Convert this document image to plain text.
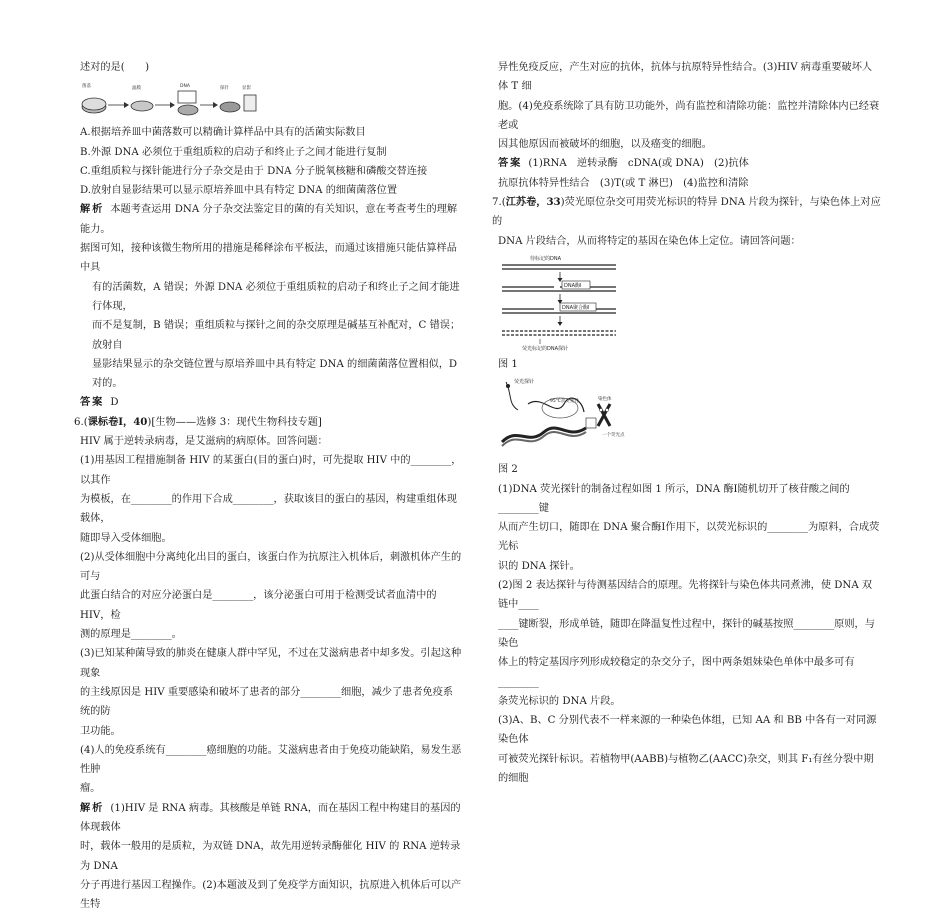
述对的是(　　)

菌落	滤膜	DNA	探针	显影

A.根据培养皿中菌落数可以精确计算样品中具有的活菌实际数目

B.外源 DNA 必须位于重组质粒的启动子和终止子之间才能进行复制

C.重组质粒与探针能进行分子杂交是由于 DNA 分子脱氧核糖和磷酸交替连接

D.放射自显影结果可以显示原培养皿中具有特定 DNA 的细菌菌落位置

解析 本题考查运用 DNA 分子杂交法鉴定目的菌的有关知识，意在考查考生的理解能力。

据图可知，接种该微生物所用的措施是稀释涂布平板法，而通过该措施只能估算样品中具

有的活菌数，A 错误；外源 DNA 必须位于重组质粒的启动子和终止子之间才能进行体现，

而不是复制，B 错误；重组质粒与探针之间的杂交原理是碱基互补配对，C 错误；放射自

显影结果显示的杂交链位置与原培养皿中具有特定 DNA 的细菌菌落位置相似，D 对的。

答案 D

6.(课标卷Ⅰ，40)[生物——选修 3：现代生物科技专题]

HIV 属于逆转录病毒，是艾滋病的病原体。回答问题：

(1)用基因工程措施制备 HIV 的某蛋白(目的蛋白)时，可先提取 HIV 中的________，以其作

为模板，在________的作用下合成________，获取该目的蛋白的基因，构建重组体现载体，

随即导入受体细胞。

(2)从受体细胞中分离纯化出目的蛋白，该蛋白作为抗原注入机体后，刺激机体产生的可与

此蛋白结合的对应分泌蛋白是________，该分泌蛋白可用于检测受试者血清中的 HIV，检

测的原理是________。

(3)已知某种菌导致的肺炎在健康人群中罕见，不过在艾滋病患者中却多发。引起这种现象

的主线原因是 HIV 重要感染和破坏了患者的部分________细胞，减少了患者免疫系统的防

卫功能。

(4)人的免疫系统有________癌细胞的功能。艾滋病患者由于免疫功能缺陷，易发生恶性肿

瘤。

解析 (1)HIV 是 RNA 病毒。其核酸是单链 RNA，而在基因工程中构建目的基因的体现载体

时，载体一般用的是质粒，为双链 DNA，故先用逆转录酶催化 HIV 的 RNA 逆转录为 DNA

分子再进行基因工程操作。(2)本题波及到了免疫学方面知识，抗原进入机体后可以产生特

异性免疫反应，产生对应的抗体，抗体与抗原特异性结合。(3)HIV 病毒重要破坏人体 T 细

胞。(4)免疫系统除了具有防卫功能外，尚有监控和清除功能：监控并清除体内已经衰老或

因其他原因而被破坏的细胞，以及癌变的细胞。

答案 (1)RNA　逆转录酶　cDNA(或 DNA)　(2)抗体

抗原抗体特异性结合　(3)T(或 T 淋巴)　(4)监控和清除

7.(江苏卷，33)荧光原位杂交可用荧光标识的特异 DNA 片段为探针，与染色体上对应的

DNA 片段结合，从而将特定的基因在染色体上定位。请回答问题：

待标记的DNA
DNA酶Ⅰ
DNA聚合酶Ⅰ
荧光标记的DNA探针

图 1

荧光探针
95℃杂交变性	染色体
一个荧光点

图 2

(1)DNA 荧光探针的制备过程如图 1 所示，DNA 酶Ⅰ随机切开了核苷酸之间的________键

从而产生切口，随即在 DNA 聚合酶Ⅰ作用下，以荧光标识的________为原料，合成荧光标

识的 DNA 探针。

(2)图 2 表达探针与待测基因结合的原理。先将探针与染色体共同煮沸，使 DNA 双链中____

____键断裂，形成单链，随即在降温复性过程中，探针的碱基按照________原则，与染色

体上的特定基因序列形成较稳定的杂交分子，图中两条姐妹染色单体中最多可有________

条荧光标识的 DNA 片段。

(3)A、B、C 分别代表不一样来源的一种染色体组，已知 AA 和 BB 中各有一对同源染色体

可被荧光探针标识。若植物甲(AABB)与植物乙(AACC)杂交，则其 F₁有丝分裂中期的细胞
